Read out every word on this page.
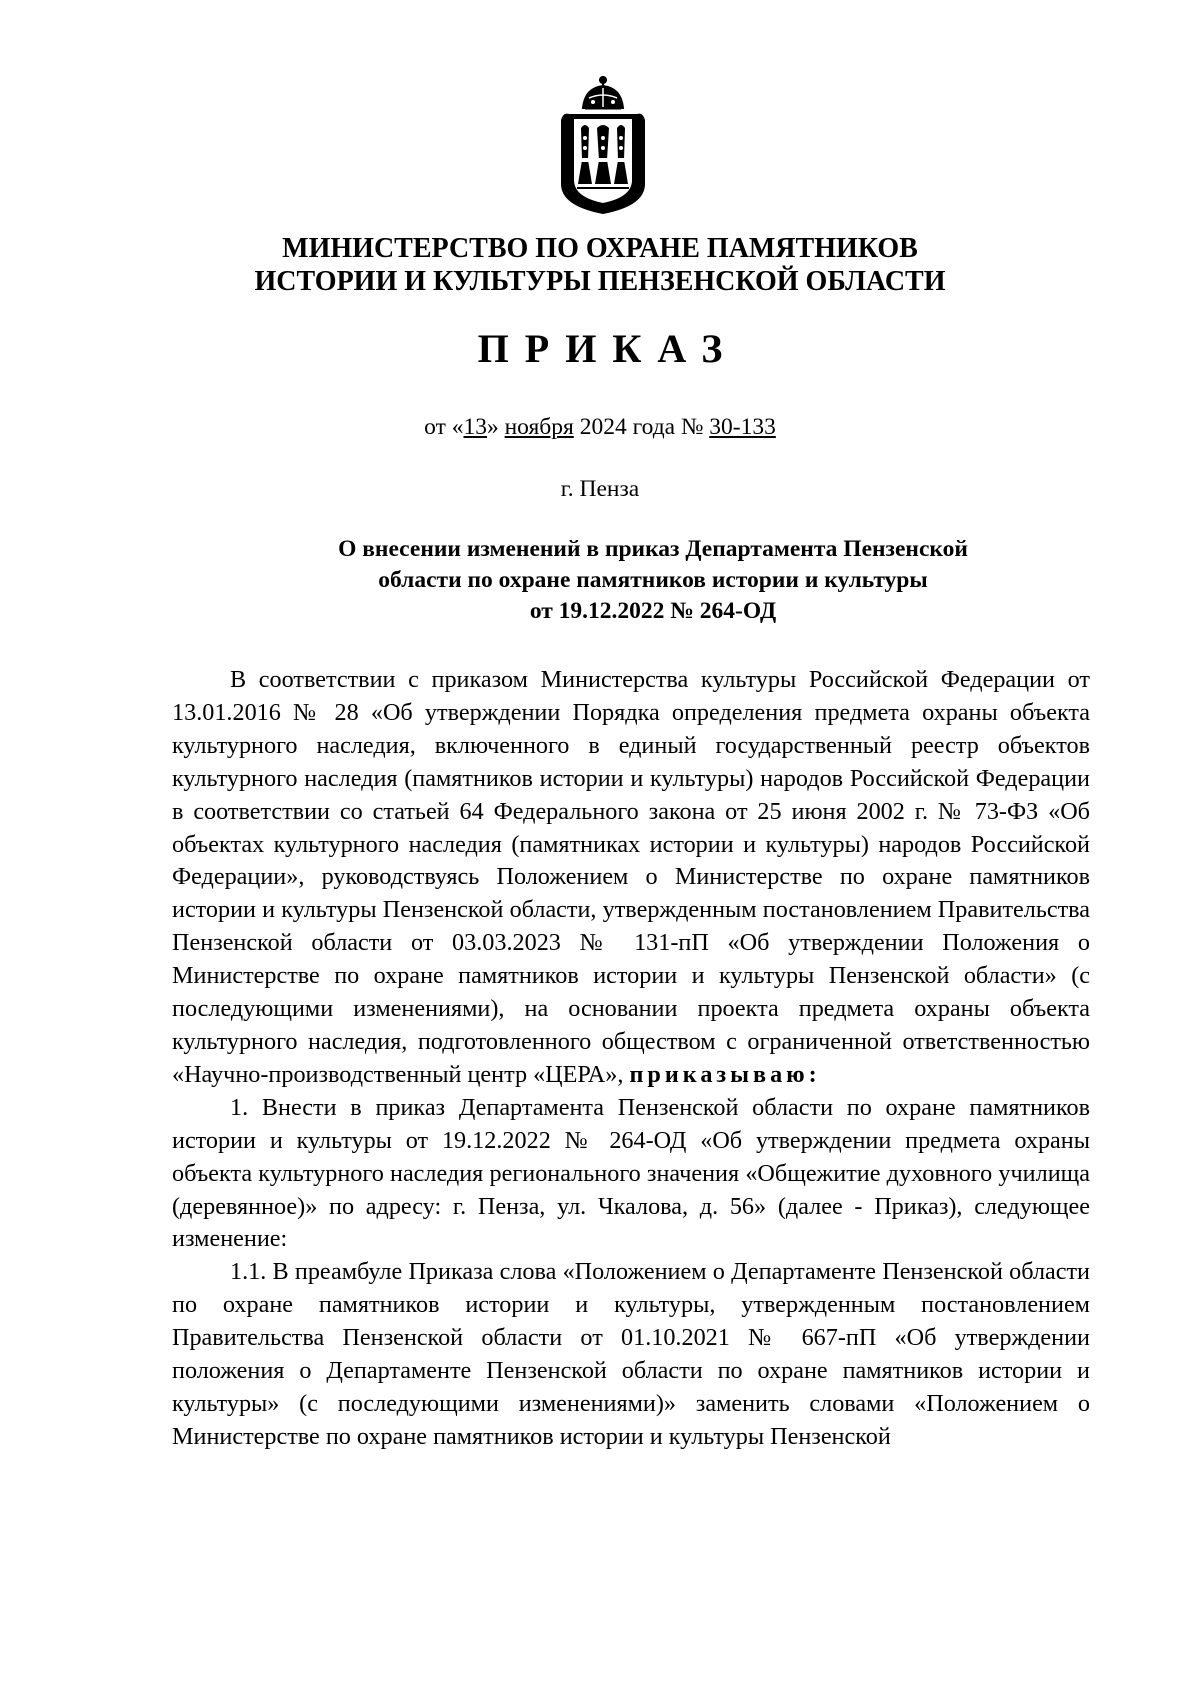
МИНИСТЕРСТВО ПО ОХРАНЕ ПАМЯТНИКОВ
ИСТОРИИ И КУЛЬТУРЫ ПЕНЗЕНСКОЙ ОБЛАСТИ
ПРИКАЗ
от «13» ноября 2024 года № 30-133
г. Пенза
О внесении изменений в приказ Департамента Пензенской
области по охране памятников истории и культуры
от 19.12.2022 № 264-ОД

В соответствии с приказом Министерства культуры Российской Федерации от 13.01.2016 № 28 «Об утверждении Порядка определения предмета охраны объекта культурного наследия, включенного в единый государственный реестр объектов культурного наследия (памятников истории и культуры) народов Российской Федерации в соответствии со статьей 64 Федерального закона от 25 июня 2002 г. № 73-ФЗ «Об объектах культурного наследия (памятниках истории и культуры) народов Российской Федерации», руководствуясь Положением о Министерстве по охране памятников истории и культуры Пензенской области, утвержденным постановлением Правительства Пензенской области от 03.03.2023 № 131-пП «Об утверждении Положения о Министерстве по охране памятников истории и культуры Пензенской области» (с последующими изменениями), на основании проекта предмета охраны объекта культурного наследия, подготовленного обществом с ограниченной ответственностью «Научно-производственный центр «ЦЕРА», приказываю:

1. Внести в приказ Департамента Пензенской области по охране памятников истории и культуры от 19.12.2022 № 264-ОД «Об утверждении предмета охраны объекта культурного наследия регионального значения «Общежитие духовного училища (деревянное)» по адресу: г. Пенза, ул. Чкалова, д. 56» (далее - Приказ), следующее изменение:

1.1. В преамбуле Приказа слова «Положением о Департаменте Пензенской области по охране памятников истории и культуры, утвержденным постановлением Правительства Пензенской области от 01.10.2021 № 667-пП «Об утверждении положения о Департаменте Пензенской области по охране памятников истории и культуры» (с последующими изменениями)» заменить словами «Положением о Министерстве по охране памятников истории и культуры Пензенской
